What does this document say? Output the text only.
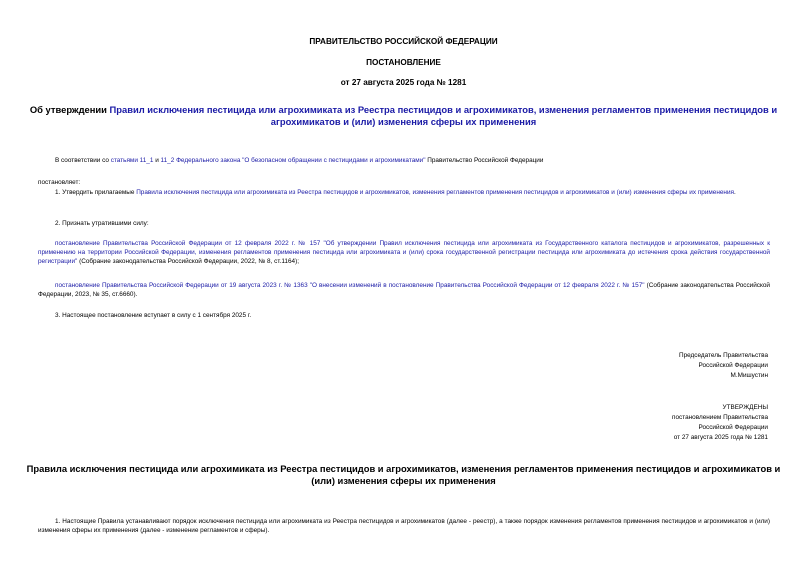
ПРАВИТЕЛЬСТВО РОССИЙСКОЙ ФЕДЕРАЦИИ
ПОСТАНОВЛЕНИЕ
от 27 августа 2025 года № 1281
Об утверждении Правил исключения пестицида или агрохимиката из Реестра пестицидов и агрохимикатов, изменения регламентов применения пестицидов и
агрохимикатов и (или) изменения сферы их применения
В соответствии со статьями 11_1 и 11_2 Федерального закона "О безопасном обращении с пестицидами и агрохимикатами" Правительство Российской Федерации
постановляет:
1. Утвердить прилагаемые Правила исключения пестицида или агрохимиката из Реестра пестицидов и агрохимикатов, изменения регламентов применения пестицидов и агрохимикатов и (или) изменения сферы их применения.
2. Признать утратившими силу:
постановление Правительства Российской Федерации от 12 февраля 2022 г. № 157 "Об утверждении Правил исключения пестицида или агрохимиката из Государственного каталога пестицидов и агрохимикатов, разрешенных к применению на территории Российской Федерации, изменения регламентов применения пестицида или агрохимиката и (или) срока государственной регистрации пестицида или агрохимиката до истечения срока действия государственной регистрации" (Собрание законодательства Российской Федерации, 2022, № 8, ст.1164);
постановление Правительства Российской Федерации от 19 августа 2023 г. № 1363 "О внесении изменений в постановление Правительства Российской Федерации от 12 февраля 2022 г. № 157" (Собрание законодательства Российской Федерации, 2023, № 35, ст.6660).
3. Настоящее постановление вступает в силу с 1 сентября 2025 г.
Председатель Правительства
Российской Федерации
М.Мишустин
УТВЕРЖДЕНЫ
постановлением Правительства
Российской Федерации
от 27 августа 2025 года № 1281
Правила исключения пестицида или агрохимиката из Реестра пестицидов и агрохимикатов, изменения регламентов применения пестицидов и агрохимикатов и
(или) изменения сферы их применения
1. Настоящие Правила устанавливают порядок исключения пестицида или агрохимиката из Реестра пестицидов и агрохимикатов (далее - реестр), а также порядок изменения регламентов применения пестицидов и агрохимикатов и (или) изменения сферы их применения (далее - изменение регламентов и сферы).
